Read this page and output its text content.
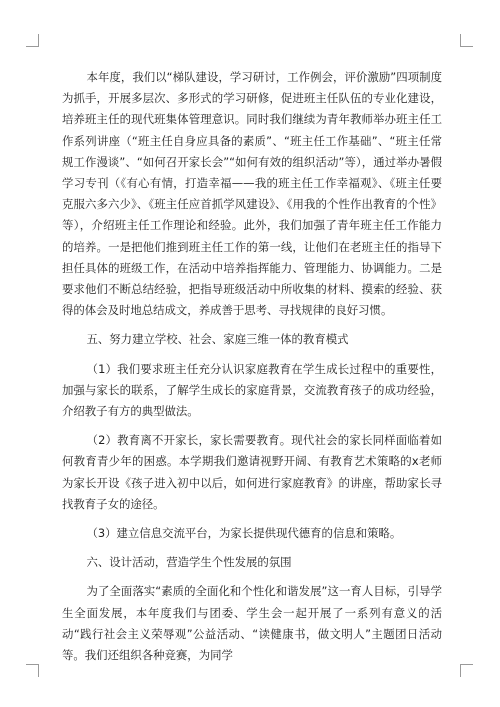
本年度，我们以“梯队建设，学习研讨，工作例会，评价激励”四项制度为抓手，开展多层次、多形式的学习研修，促进班主任队伍的专业化建设，培养班主任的现代班集体管理意识。同时我们继续为青年教师举办班主任工作系列讲座（“班主任自身应具备的素质”、“班主任工作基础”、“班主任常规工作漫谈”、“如何召开家长会”“如何有效的组织活动”等），通过举办暑假学习专刊（《有心有情，打造幸福——我的班主任工作幸福观》、《班主任要克服六多六少》、《班主任应首抓学风建设》、《用我的个性作出教育的个性》等），介绍班主任工作理论和经验。此外，我们加强了青年班主任工作能力的培养。一是把他们推到班主任工作的第一线，让他们在老班主任的指导下担任具体的班级工作，在活动中培养指挥能力、管理能力、协调能力。二是要求他们不断总结经验，把指导班级活动中所收集的材料、摸索的经验、获得的体会及时地总结成文，养成善于思考、寻找规律的良好习惯。

五、努力建立学校、社会、家庭三维一体的教育模式

（1）我们要求班主任充分认识家庭教育在学生成长过程中的重要性，加强与家长的联系，了解学生成长的家庭背景，交流教育孩子的成功经验，介绍教子有方的典型做法。

（2）教育离不开家长，家长需要教育。现代社会的家长同样面临着如何教育青少年的困惑。本学期我们邀请视野开阔、有教育艺术策略的x老师为家长开设《孩子进入初中以后，如何进行家庭教育》的讲座，帮助家长寻找教育子女的途径。

（3）建立信息交流平台，为家长提供现代德育的信息和策略。

六、设计活动，营造学生个性发展的氛围

为了全面落实“素质的全面化和个性化和谐发展”这一育人目标，引导学生全面发展，本年度我们与团委、学生会一起开展了一系列有意义的活动“践行社会主义荣辱观”公益活动、“读健康书，做文明人”主题团日活动等。我们还组织各种竞赛，为同学
